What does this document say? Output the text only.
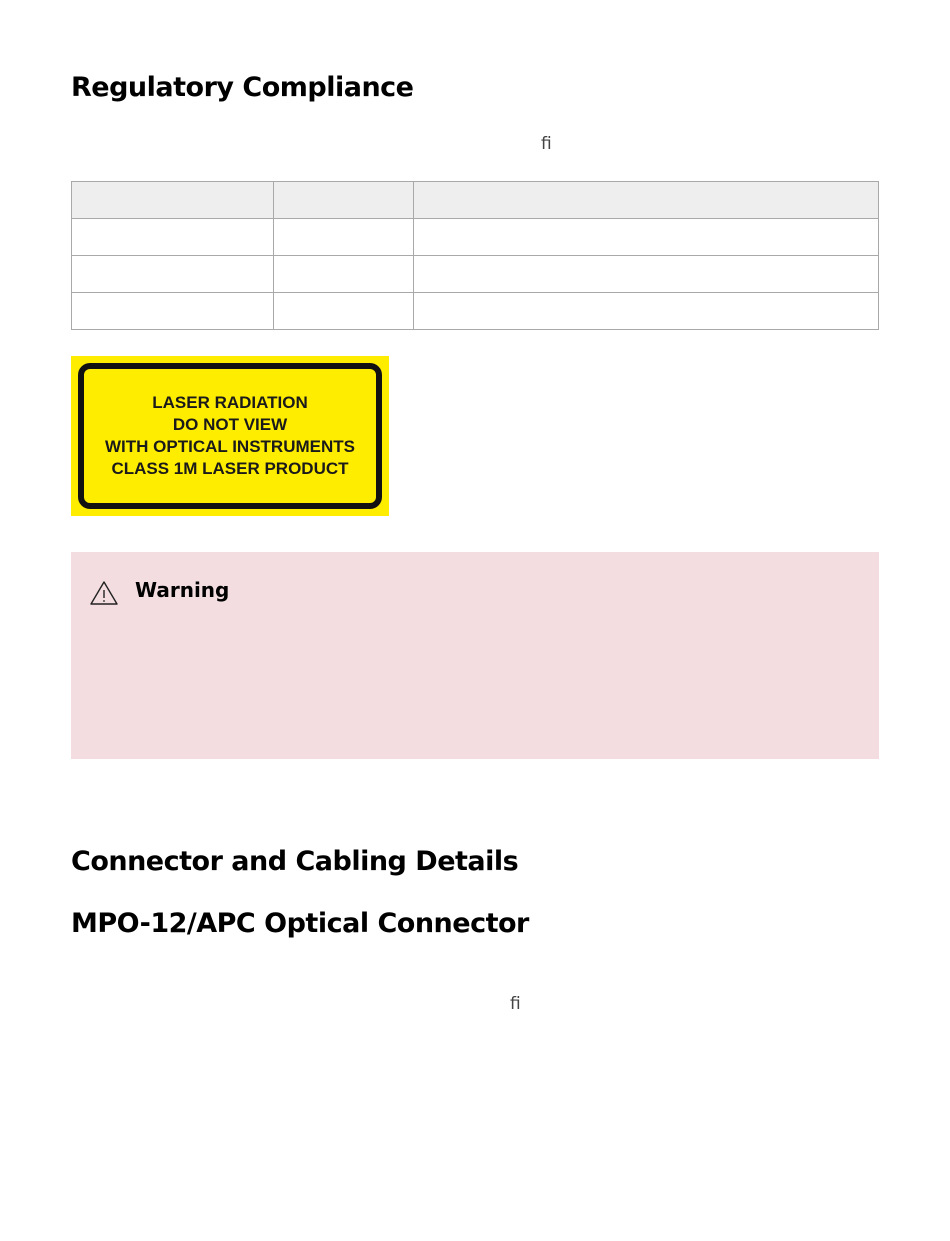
Regulatory Compliance
ﬁ

LASER RADIATION
DO NOT VIEW
WITH OPTICAL INSTRUMENTS
CLASS 1M LASER PRODUCT
Warning
Connector and Cabling Details
MPO-12/APC Optical Connector
ﬁ
